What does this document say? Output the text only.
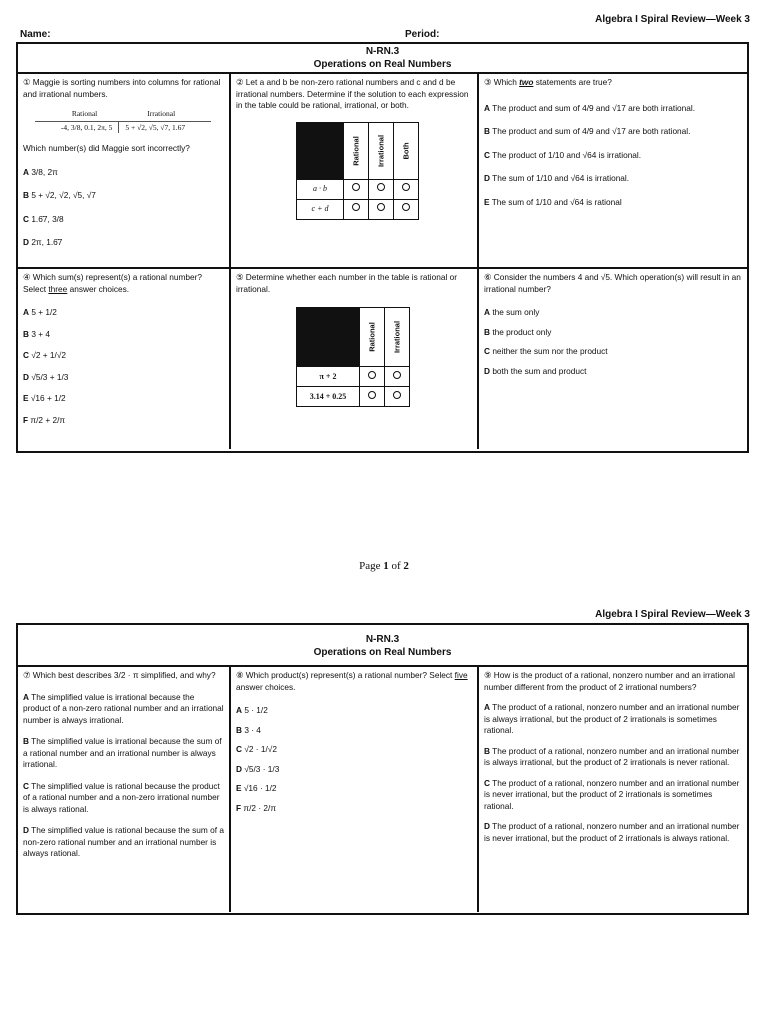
Algebra I Spiral Review—Week 3
Name:	Period:
N-RN.3
Operations on Real Numbers
① Maggie is sorting numbers into columns for rational and irrational numbers.
Rational	Irrational
-4, 3/8, 0.1, 2π, 5	5 + √2, √5, √7, 1.67
Which number(s) did Maggie sort incorrectly?
A 3/8, 2π
B 5 + √2, √2, √5, √7
C 1.6̄7, 3/8
D 2π, 1.6̄7
② Let a and b be non-zero rational numbers and c and d be irrational numbers. Determine if the solution to each expression in the table could be rational, irrational, or both.

	Rational	Irrational	Both

a · b			
c + d			
③ Which two statements are true?
A The product and sum of 4/9 and √17 are both irrational.
B The product and sum of 4/9 and √17 are both rational.
C The product of 1/10 and √64 is irrational.
D The sum of 1/10 and √64 is irrational.
E The sum of 1/10 and √64 is rational
④ Which sum(s) represent(s) a rational number? Select three answer choices.
A 5 + 1/2
B 3 + 4
C √2 + 1/√2
D √5/3 + 1/3
E √16 + 1/2
F π/2 + 2/π
⑤ Determine whether each number in the table is rational or irrational.

	Rational	Irrational

π + 2		
3.14 + 0.25		
⑥ Consider the numbers 4 and √5. Which operation(s) will result in an irrational number?
A the sum only
B the product only
C neither the sum nor the product
D both the sum and product
Page 1 of 2
Algebra I Spiral Review—Week 3
N-RN.3
Operations on Real Numbers
⑦ Which best describes 3/2 · π simplified, and why?
A The simplified value is irrational because the product of a non-zero rational number and an irrational number is always irrational.
B The simplified value is irrational because the sum of a rational number and an irrational number is always irrational.
C The simplified value is rational because the product of a rational number and a non-zero irrational number is always rational.
D The simplified value is rational because the sum of a non-zero rational number and an irrational number is always rational.
⑧ Which product(s) represent(s) a rational number? Select five answer choices.
A 5 · 1/2
B 3 · 4
C √2 · 1/√2
D √5/3 · 1/3
E √16 · 1/2
F π/2 · 2/π
⑨ How is the product of a rational, nonzero number and an irrational number different from the product of 2 irrational numbers?
A The product of a rational, nonzero number and an irrational number is always irrational, but the product of 2 irrationals is sometimes rational.
B The product of a rational, nonzero number and an irrational number is always irrational, but the product of 2 irrationals is never rational.
C The product of a rational, nonzero number and an irrational number is never irrational, but the product of 2 irrationals is sometimes rational.
D The product of a rational, nonzero number and an irrational number is never irrational, but the product of 2 irrationals is always rational.
